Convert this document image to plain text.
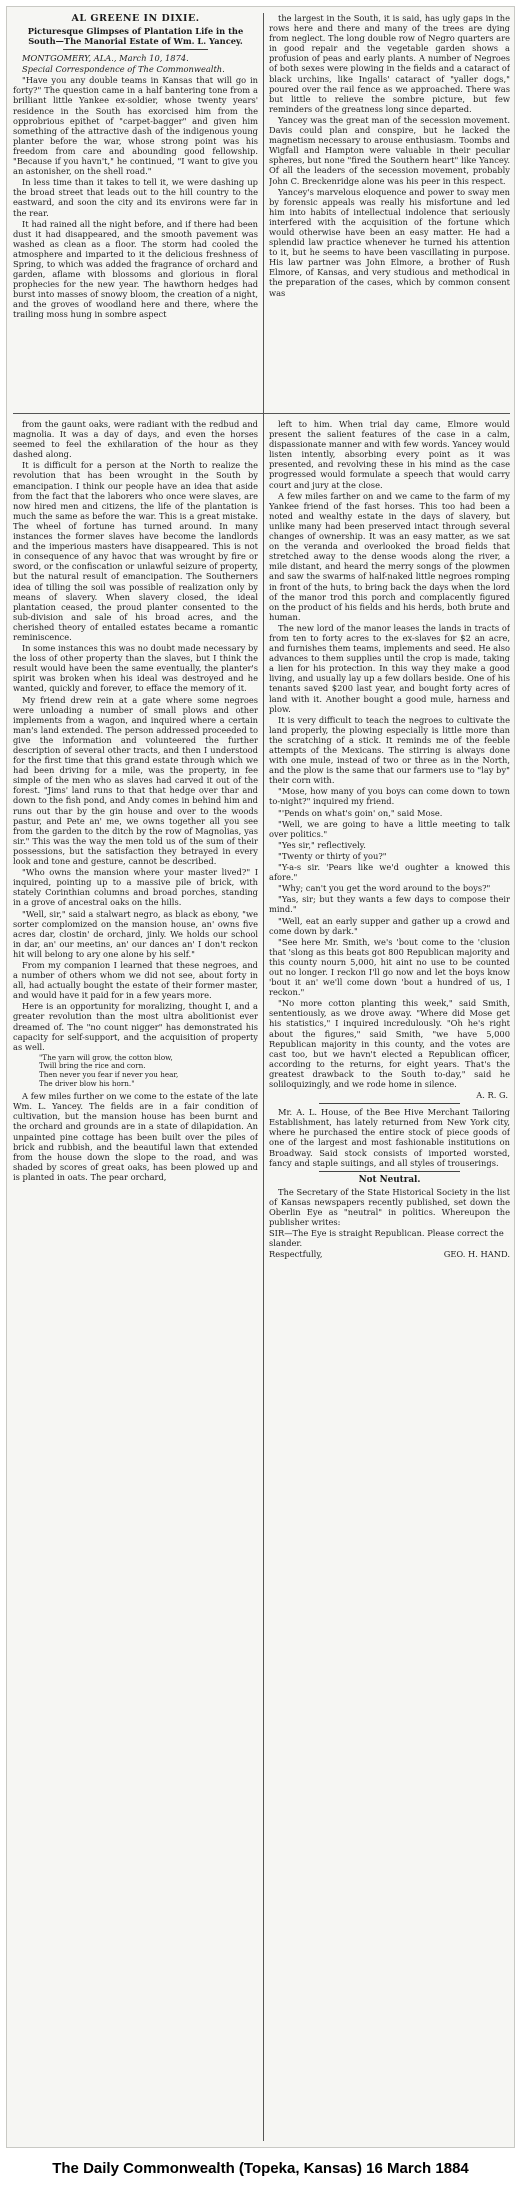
AL GREENE IN DIXIE.
Picturesque Glimpses of Plantation Life in the South—The Manorial Estate of Wm. L. Yancey.

MONTGOMERY, ALA., March 10, 1874.

Special Correspondence of The Commonwealth.

"Have you any double teams in Kansas that will go in forty?" The question came in a half bantering tone from a brilliant little Yankee ex-soldier, whose twenty years' residence in the South has exorcised him from the opprobrious epithet of "carpet-bagger" and given him something of the attractive dash of the indigenous young planter before the war, whose strong point was his freedom from care and abounding good fellowship. "Because if you havn't," he continued, "I want to give you an astonisher, on the shell road."

In less time than it takes to tell it, we were dashing up the broad street that leads out to the hill country to the eastward, and soon the city and its environs were far in the rear.

It had rained all the night before, and if there had been dust it had disappeared, and the smooth pavement was washed as clean as a floor. The storm had cooled the atmosphere and imparted to it the delicious freshness of Spring, to which was added the fragrance of orchard and garden, aflame with blossoms and glorious in floral prophecies for the new year. The hawthorn hedges had burst into masses of snowy bloom, the creation of a night, and the groves of woodland here and there, where the trailing moss hung in sombre aspect

the largest in the South, it is said, has ugly gaps in the rows here and there and many of the trees are dying from neglect. The long double row of Negro quarters are in good repair and the vegetable garden shows a profusion of peas and early plants. A number of Negroes of both sexes were plowing in the fields and a cataract of black urchins, like Ingalls' cataract of "yaller dogs," poured over the rail fence as we approached. There was but little to relieve the sombre picture, but few reminders of the greatness long since departed.

Yancey was the great man of the secession movement. Davis could plan and conspire, but he lacked the magnetism necessary to arouse enthusiasm. Toombs and Wigfall and Hampton were valuable in their peculiar spheres, but none "fired the Southern heart" like Yancey. Of all the leaders of the secession movement, probably John C. Breckenridge alone was his peer in this respect.

Yancey's marvelous eloquence and power to sway men by forensic appeals was really his misfortune and led him into habits of intellectual indolence that seriously interfered with the acquisition of the fortune which would otherwise have been an easy matter. He had a splendid law practice whenever he turned his attention to it, but he seems to have been vascillating in purpose. His law partner was John Elmore, a brother of Rush Elmore, of Kansas, and very studious and methodical in the preparation of the cases, which by common consent was

from the gaunt oaks, were radiant with the redbud and magnolia. It was a day of days, and even the horses seemed to feel the exhilaration of the hour as they dashed along.

It is difficult for a person at the North to realize the revolution that has been wrought in the South by emancipation. I think our people have an idea that aside from the fact that the laborers who once were slaves, are now hired men and citizens, the life of the plantation is much the same as before the war. This is a great mistake. The wheel of fortune has turned around. In many instances the former slaves have become the landlords and the imperious masters have disappeared. This is not in consequence of any havoc that was wrought by fire or sword, or the confiscation or unlawful seizure of property, but the natural result of emancipation. The Southerners idea of tilling the soil was possible of realization only by means of slavery. When slavery closed, the ideal plantation ceased, the proud planter consented to the sub-division and sale of his broad acres, and the cherished theory of entailed estates became a romantic reminiscence.

In some instances this was no doubt made necessary by the loss of other property than the slaves, but I think the result would have been the same eventually, the planter's spirit was broken when his ideal was destroyed and he wanted, quickly and forever, to efface the memory of it.

My friend drew rein at a gate where some negroes were unloading a number of small plows and other implements from a wagon, and inquired where a certain man's land extended. The person addressed proceeded to give the information and volunteered the further description of several other tracts, and then I understood for the first time that this grand estate through which we had been driving for a mile, was the property, in fee simple of the men who as slaves had carved it out of the forest. "Jims' land runs to that that hedge over thar and down to the fish pond, and Andy comes in behind him and runs out thar by the gin house and over to the woods pastur, and Pete an' me, we owns together all you see from the garden to the ditch by the row of Magnolias, yas sir." This was the way the men told us of the sum of their possessions, but the satisfaction they betrayed in every look and tone and gesture, cannot be described.

"Who owns the mansion where your master lived?" I inquired, pointing up to a massive pile of brick, with stately Corinthian columns and broad porches, standing in a grove of ancestral oaks on the hills.

"Well, sir," said a stalwart negro, as black as ebony, "we sorter complomized on the mansion house, an' owns five acres dar, clostin' de orchard, jinly. We holds our school in dar, an' our meetins, an' our dances an' I don't reckon hit will belong to ary one alone by his self."

From my companion I learned that these negroes, and a number of others whom we did not see, about forty in all, had actually bought the estate of their former master, and would have it paid for in a few years more.

Here is an opportunity for moralizing, thought I, and a greater revolution than the most ultra abolitionist ever dreamed of. The "no count nigger" has demonstrated his capacity for self-support, and the acquisition of property as well.

"The yarn will grow, the cotton blow,
Twill bring the rice and corn.
Then never you fear if never you hear,
The driver blow his horn."

A few miles further on we come to the estate of the late Wm. L. Yancey. The fields are in a fair condition of cultivation, but the mansion house has been burnt and the orchard and grounds are in a state of dilapidation. An unpainted pine cottage has been built over the piles of brick and rubbish, and the beautiful lawn that extended from the house down the slope to the road, and was shaded by scores of great oaks, has been plowed up and is planted in oats. The pear orchard,

left to him. When trial day came, Elmore would present the salient features of the case in a calm, dispassionate manner and with few words. Yancey would listen intently, absorbing every point as it was presented, and revolving these in his mind as the case progressed would formulate a speech that would carry court and jury at the close.

A few miles farther on and we came to the farm of my Yankee friend of the fast horses. This too had been a noted and wealthy estate in the days of slavery, but unlike many had been preserved intact through several changes of ownership. It was an easy matter, as we sat on the veranda and overlooked the broad fields that stretched away to the dense woods along the river, a mile distant, and heard the merry songs of the plowmen and saw the swarms of half-naked little negroes romping in front of the huts, to bring back the days when the lord of the manor trod this porch and complacently figured on the product of his fields and his herds, both brute and human.

The new lord of the manor leases the lands in tracts of from ten to forty acres to the ex-slaves for $2 an acre, and furnishes them teams, implements and seed. He also advances to them supplies until the crop is made, taking a lien for his protection. In this way they make a good living, and usually lay up a few dollars beside. One of his tenants saved $200 last year, and bought forty acres of land with it. Another bought a good mule, harness and plow.

It is very difficult to teach the negroes to cultivate the land properly, the plowing especially is little more than the scratching of a stick. It reminds me of the feeble attempts of the Mexicans. The stirring is always done with one mule, instead of two or three as in the North, and the plow is the same that our farmers use to "lay by" their corn with.

"Mose, how many of you boys can come down to town to-night?" inquired my friend.

"'Pends on what's goin' on," said Mose.

"Well, we are going to have a little meeting to talk over politics."

"Yes sir," reflectively.

"Twenty or thirty of you?"

"Y-a-s sir. 'Pears like we'd oughter a knowed this afore."

"Why; can't you get the word around to the boys?"

"Yas, sir; but they wants a few days to compose their mind."

"Well, eat an early supper and gather up a crowd and come down by dark."

"See here Mr. Smith, we's 'bout come to the 'clusion that 'slong as this beats got 800 Republican majority and this county nourn 5,000, hit aint no use to be counted out no longer. I reckon I'll go now and let the boys know 'bout it an' we'll come down 'bout a hundred of us, I reckon."

"No more cotton planting this week," said Smith, sententiously, as we drove away. "Where did Mose get his statistics," I inquired incredulously. "Oh he's right about the figures," said Smith, "we have 5,000 Republican majority in this county, and the votes are cast too, but we havn't elected a Republican officer, according to the returns, for eight years. That's the greatest drawback to the South to-day," said he soliloquizingly, and we rode home in silence.

A. R. G.

Mr. A. L. House, of the Bee Hive Merchant Tailoring Establishment, has lately returned from New York city, where he purchased the entire stock of piece goods of one of the largest and most fashionable institutions on Broadway. Said stock consists of imported worsted, fancy and staple suitings, and all styles of trouserings.

Not Neutral.

The Secretary of the State Historical Society in the list of Kansas newspapers recently published, set down the Oberlin Eye as "neutral" in politics. Whereupon the publisher writes:

SIR—The Eye is straight Republican. Please correct the slander.

Respectfully,	GEO. H. HAND.

The Daily Commonwealth (Topeka, Kansas) 16 March 1884
